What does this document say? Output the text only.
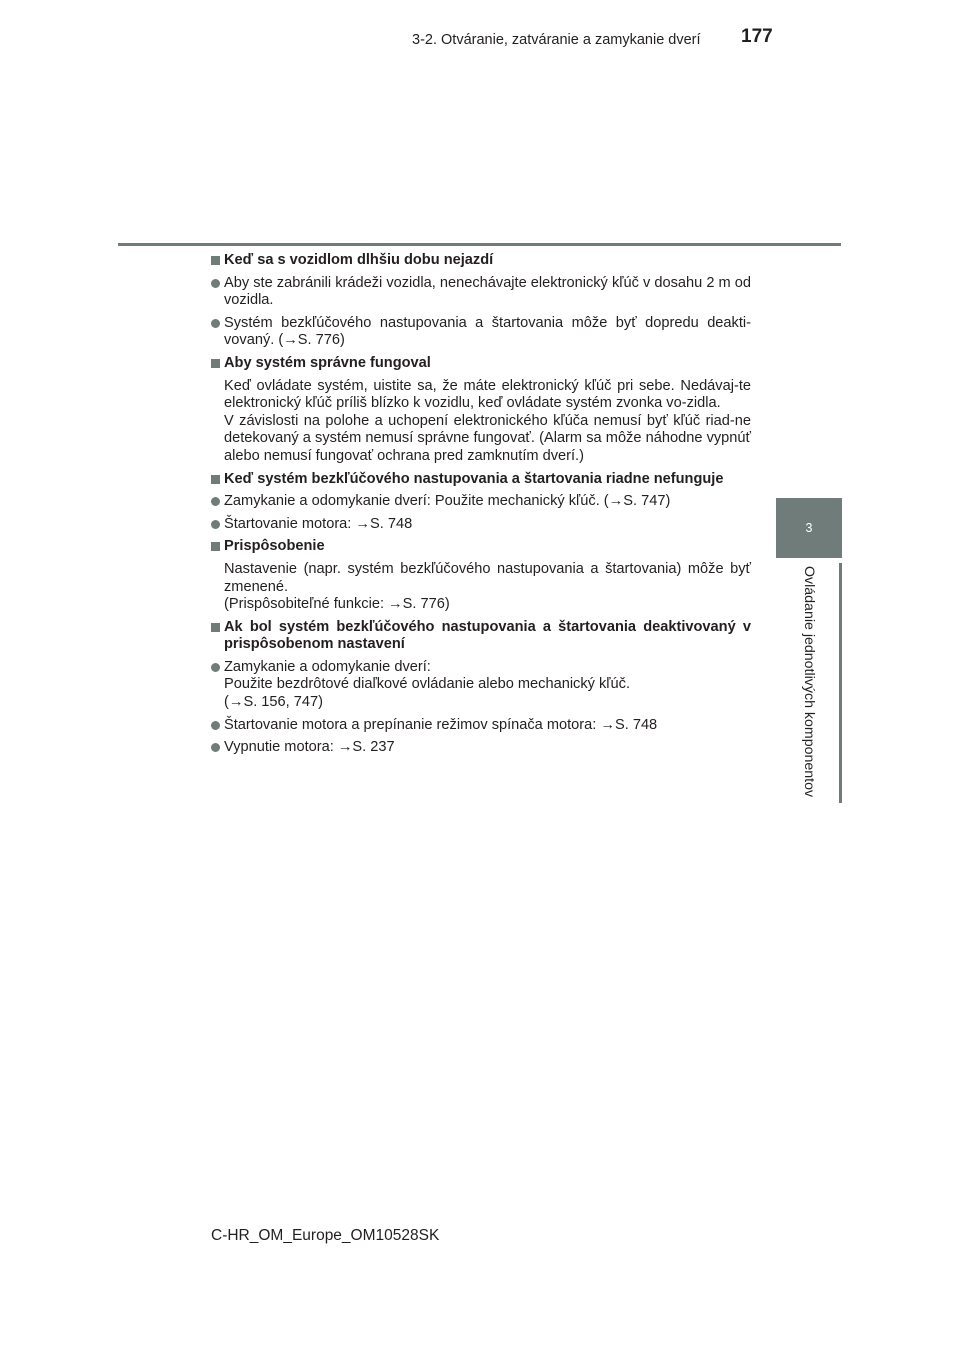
3-2. Otváranie, zatváranie a zamykanie dverí 177
3
Ovládanie jednotlivých komponentov
Keď sa s vozidlom dlhšiu dobu nejazdí
Aby ste zabránili krádeži vozidla, nenechávajte elektronický kľúč v dosahu 2 m od vozidla.
Systém bezkľúčového nastupovania a štartovania môže byť dopredu deakti-vovaný. (→S. 776)
Aby systém správne fungoval
Keď ovládate systém, uistite sa, že máte elektronický kľúč pri sebe. Nedávaj-te elektronický kľúč príliš blízko k vozidlu, keď ovládate systém zvonka vo-zidla.
V závislosti na polohe a uchopení elektronického kľúča nemusí byť kľúč riad-ne detekovaný a systém nemusí správne fungovať. (Alarm sa môže náhodne vypnúť alebo nemusí fungovať ochrana pred zamknutím dverí.)
Keď systém bezkľúčového nastupovania a štartovania riadne nefunguje
Zamykanie a odomykanie dverí: Použite mechanický kľúč. (→S. 747)
Štartovanie motora: →S. 748
Prispôsobenie
Nastavenie (napr. systém bezkľúčového nastupovania a štartovania) môže byť zmenené.
(Prispôsobiteľné funkcie: →S. 776)
Ak bol systém bezkľúčového nastupovania a štartovania deaktivovaný v prispôsobenom nastavení
Zamykanie a odomykanie dverí:
Použite bezdrôtové diaľkové ovládanie alebo mechanický kľúč.
(→S. 156, 747)
Štartovanie motora a prepínanie režimov spínača motora: →S. 748
Vypnutie motora: →S. 237
C-HR_OM_Europe_OM10528SK
